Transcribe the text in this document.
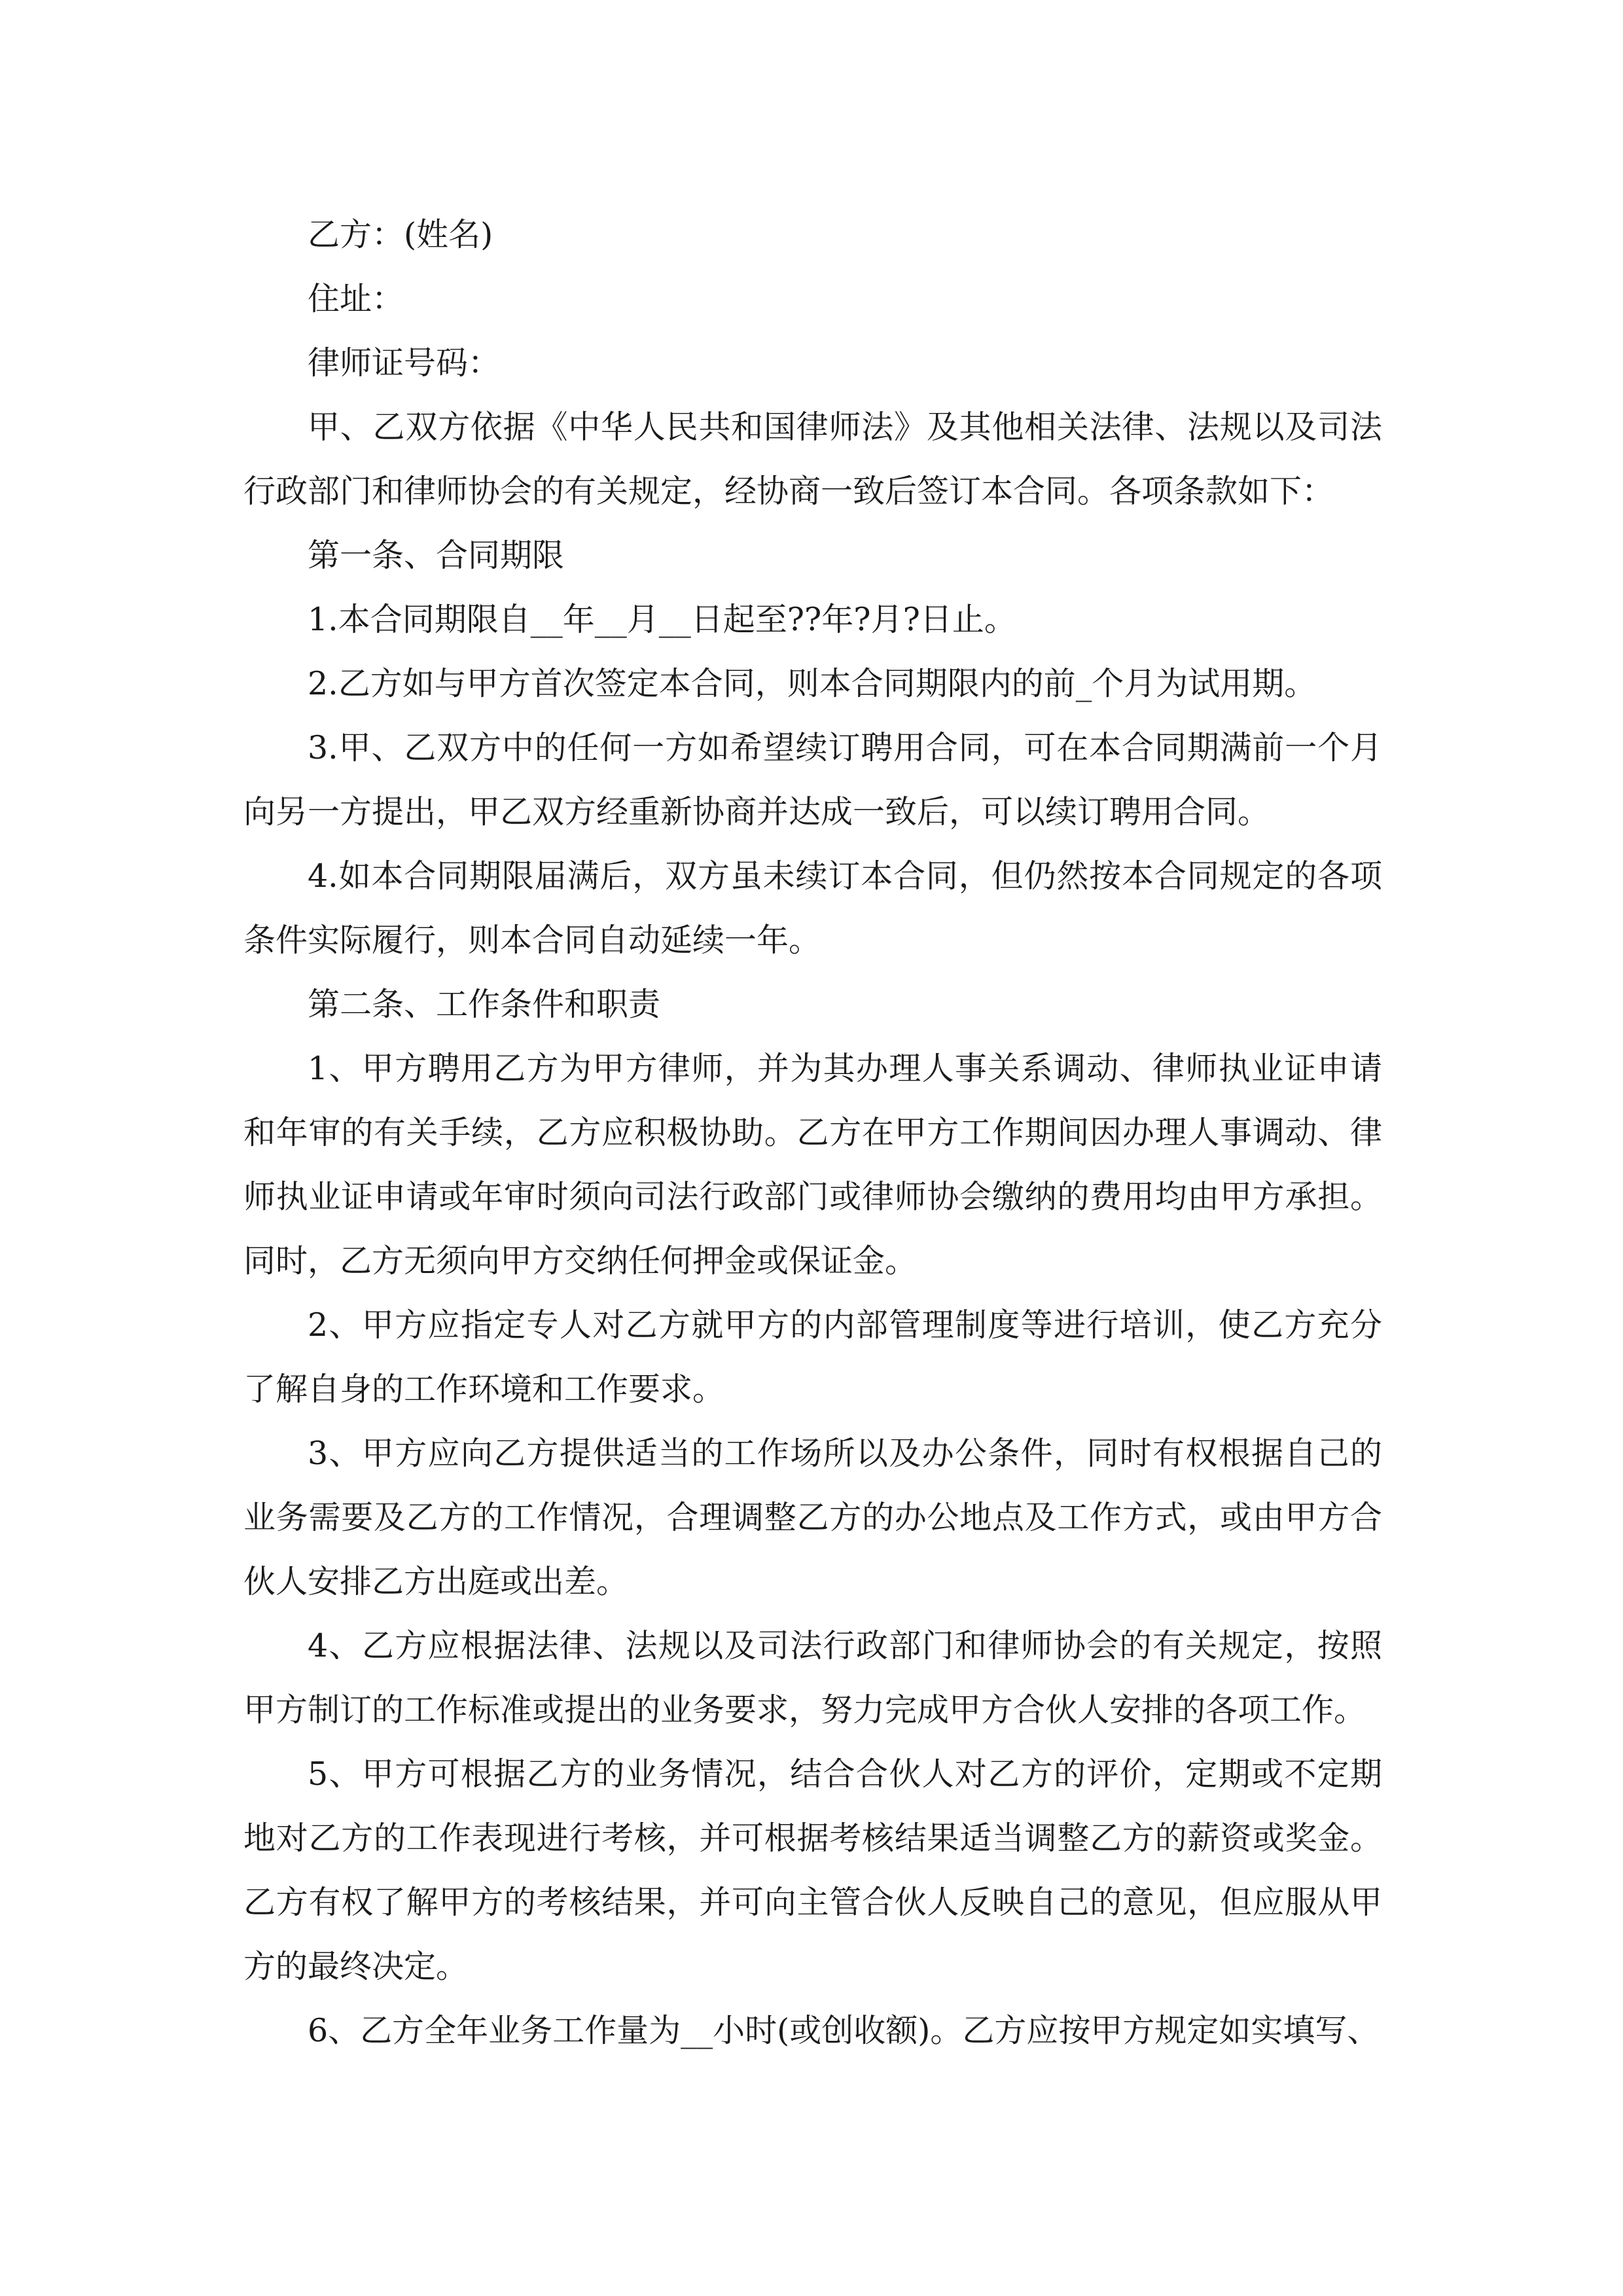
乙方：(姓名)

住址：

律师证号码：

甲、乙双方依据《中华人民共和国律师法》及其他相关法律、法规以及司法行政部门和律师协会的有关规定，经协商一致后签订本合同。各项条款如下：

第一条、合同期限

1.本合同期限自__年__月__日起至??年?月?日止。

2.乙方如与甲方首次签定本合同，则本合同期限内的前_个月为试用期。

3.甲、乙双方中的任何一方如希望续订聘用合同，可在本合同期满前一个月向另一方提出，甲乙双方经重新协商并达成一致后，可以续订聘用合同。

4.如本合同期限届满后，双方虽未续订本合同，但仍然按本合同规定的各项条件实际履行，则本合同自动延续一年。

第二条、工作条件和职责

1、甲方聘用乙方为甲方律师，并为其办理人事关系调动、律师执业证申请和年审的有关手续，乙方应积极协助。乙方在甲方工作期间因办理人事调动、律师执业证申请或年审时须向司法行政部门或律师协会缴纳的费用均由甲方承担。同时，乙方无须向甲方交纳任何押金或保证金。

2、甲方应指定专人对乙方就甲方的内部管理制度等进行培训，使乙方充分了解自身的工作环境和工作要求。

3、甲方应向乙方提供适当的工作场所以及办公条件，同时有权根据自己的业务需要及乙方的工作情况，合理调整乙方的办公地点及工作方式，或由甲方合伙人安排乙方出庭或出差。

4、乙方应根据法律、法规以及司法行政部门和律师协会的有关规定，按照甲方制订的工作标准或提出的业务要求，努力完成甲方合伙人安排的各项工作。

5、甲方可根据乙方的业务情况，结合合伙人对乙方的评价，定期或不定期地对乙方的工作表现进行考核，并可根据考核结果适当调整乙方的薪资或奖金。乙方有权了解甲方的考核结果，并可向主管合伙人反映自己的意见，但应服从甲方的最终决定。

6、乙方全年业务工作量为__小时(或创收额)。乙方应按甲方规定如实填写、
